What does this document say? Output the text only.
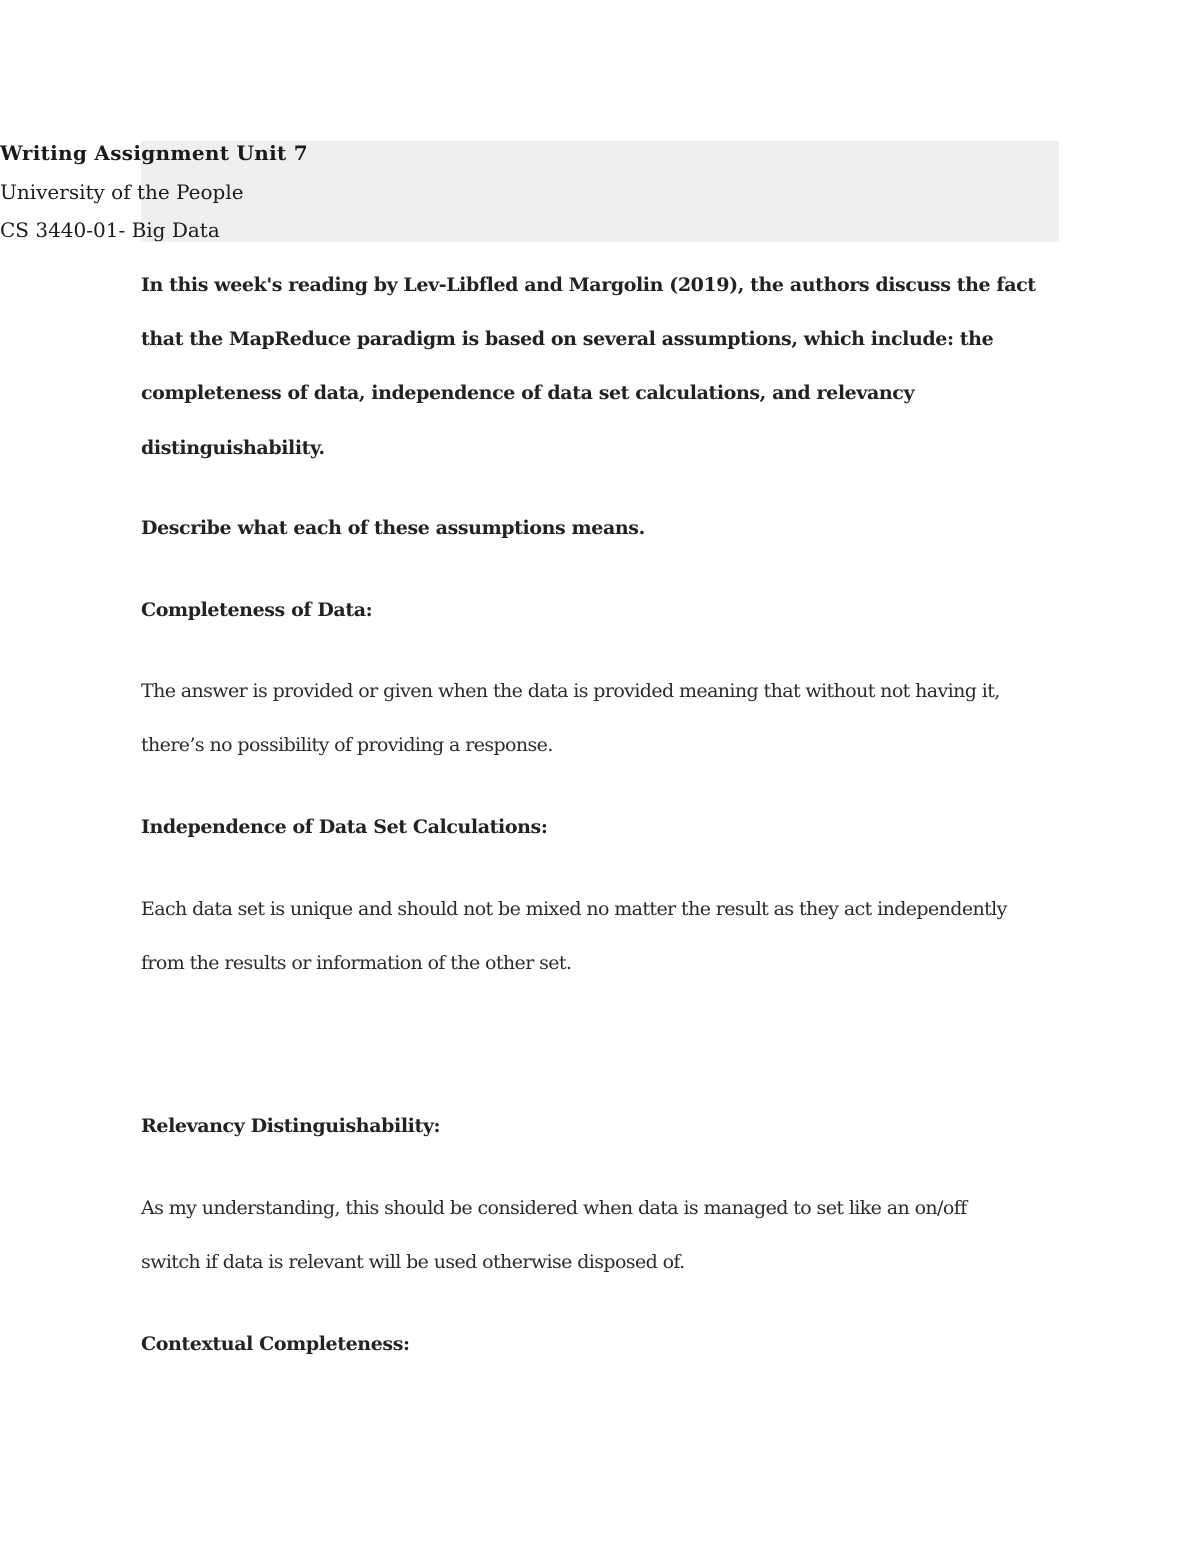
Writing Assignment Unit 7
University of the People
CS 3440-01- Big Data
In this week's reading by Lev-Libfled and Margolin (2019), the authors discuss the fact
that the MapReduce paradigm is based on several assumptions, which include: the
completeness of data, independence of data set calculations, and relevancy
distinguishability.
Describe what each of these assumptions means.
Completeness of Data:
The answer is provided or given when the data is provided meaning that without not having it,
there’s no possibility of providing a response.
Independence of Data Set Calculations:
Each data set is unique and should not be mixed no matter the result as they act independently
from the results or information of the other set.
Relevancy Distinguishability:
As my understanding, this should be considered when data is managed to set like an on/off
switch if data is relevant will be used otherwise disposed of.
Contextual Completeness:
